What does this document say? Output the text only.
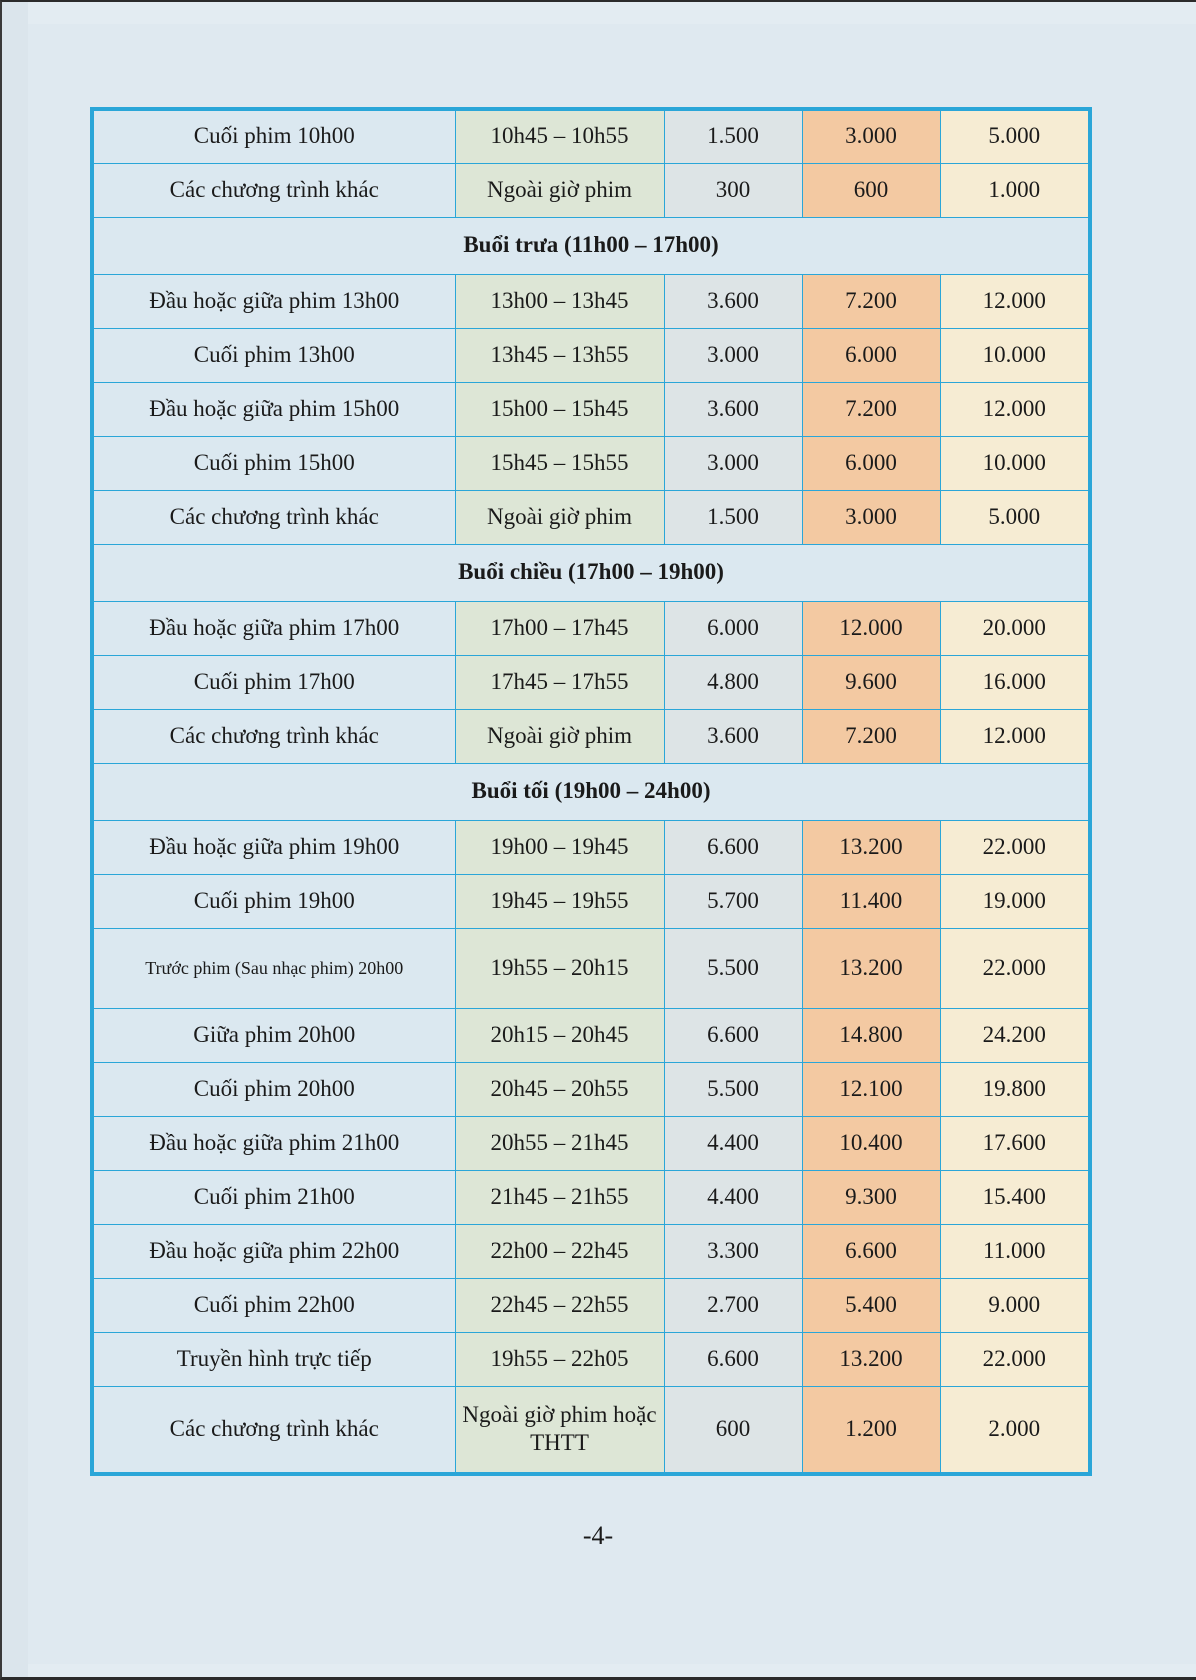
Cuối phim 10h00	10h45 – 10h55	1.500	3.000	5.000
Các chương trình khác	Ngoài giờ phim	300	600	1.000
Buổi trưa (11h00 – 17h00)				
Đầu hoặc giữa phim 13h00	13h00 – 13h45	3.600	7.200	12.000
Cuối phim 13h00	13h45 – 13h55	3.000	6.000	10.000
Đầu hoặc giữa phim 15h00	15h00 – 15h45	3.600	7.200	12.000
Cuối phim 15h00	15h45 – 15h55	3.000	6.000	10.000
Các chương trình khác	Ngoài giờ phim	1.500	3.000	5.000
Buổi chiều (17h00 – 19h00)				
Đầu hoặc giữa phim 17h00	17h00 – 17h45	6.000	12.000	20.000
Cuối phim 17h00	17h45 – 17h55	4.800	9.600	16.000
Các chương trình khác	Ngoài giờ phim	3.600	7.200	12.000
Buổi tối (19h00 – 24h00)				
Đầu hoặc giữa phim 19h00	19h00 – 19h45	6.600	13.200	22.000
Cuối phim 19h00	19h45 – 19h55	5.700	11.400	19.000
Trước phim (Sau nhạc phim) 20h00	19h55 – 20h15	5.500	13.200	22.000
Giữa phim 20h00	20h15 – 20h45	6.600	14.800	24.200
Cuối phim 20h00	20h45 – 20h55	5.500	12.100	19.800
Đầu hoặc giữa phim 21h00	20h55 – 21h45	4.400	10.400	17.600
Cuối phim 21h00	21h45 – 21h55	4.400	9.300	15.400
Đầu hoặc giữa phim 22h00	22h00 – 22h45	3.300	6.600	11.000
Cuối phim 22h00	22h45 – 22h55	2.700	5.400	9.000
Truyền hình trực tiếp	19h55 – 22h05	6.600	13.200	22.000
Các chương trình khác	Ngoài giờ phim hoặc THTT	600	1.200	2.000
-4-
